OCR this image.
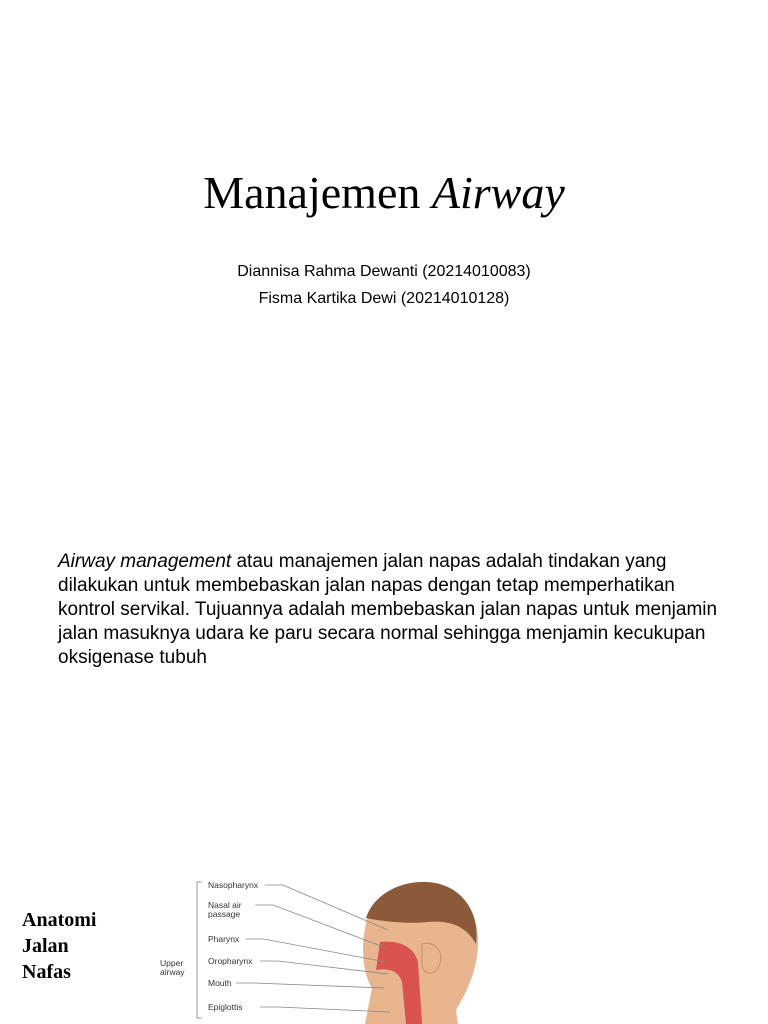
Manajemen Airway
Diannisa Rahma Dewanti (20214010083)
Fisma Kartika Dewi (20214010128)
Airway management atau manajemen jalan napas adalah tindakan yang dilakukan untuk membebaskan jalan napas dengan tetap memperhatikan kontrol servikal. Tujuannya adalah membebaskan jalan napas untuk menjamin jalan masuknya udara ke paru secara normal sehingga menjamin kecukupan oksigenase tubuh
Anatomi
Jalan
Nafas	Upper airway
Nasopharynx
Nasal air passage
Pharynx
Oropharynx
Mouth
Epiglottis
